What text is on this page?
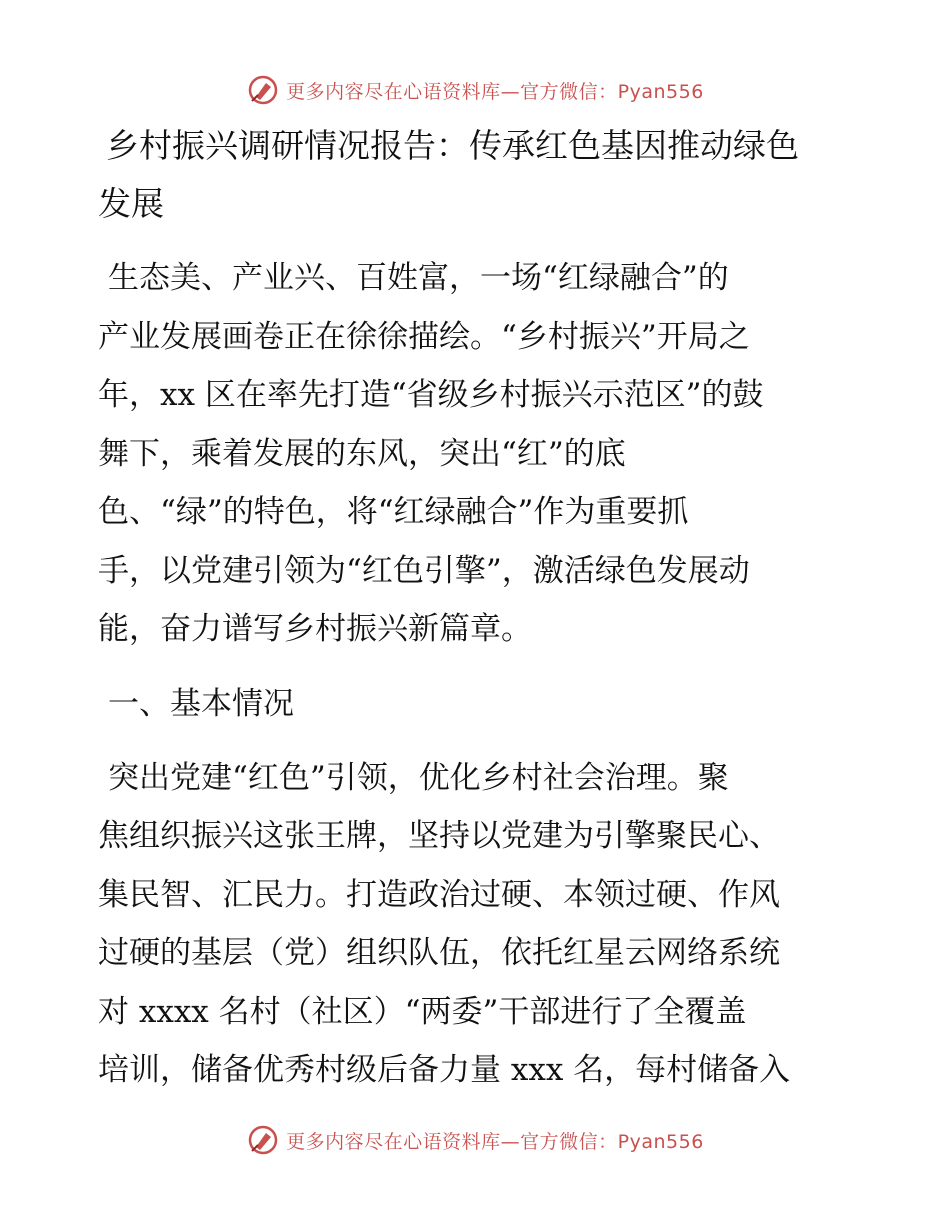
更多内容尽在心语资料库—官方微信：Pyan556
乡村振兴调研情况报告：传承红色基因推动绿色
发展

生态美、产业兴、百姓富，一场“红绿融合”的
产业发展画卷正在徐徐描绘。“乡村振兴”开局之
年，xx 区在率先打造“省级乡村振兴示范区”的鼓
舞下，乘着发展的东风，突出“红”的底
色、“绿”的特色，将“红绿融合”作为重要抓
手，以党建引领为“红色引擎”，激活绿色发展动
能，奋力谱写乡村振兴新篇章。

一、基本情况

突出党建“红色”引领，优化乡村社会治理。聚
焦组织振兴这张王牌，坚持以党建为引擎聚民心、
集民智、汇民力。打造政治过硬、本领过硬、作风
过硬的基层（党）组织队伍，依托红星云网络系统
对 xxxx 名村（社区）“两委”干部进行了全覆盖
培训，储备优秀村级后备力量 xxx 名，每村储备入

更多内容尽在心语资料库—官方微信：Pyan556
